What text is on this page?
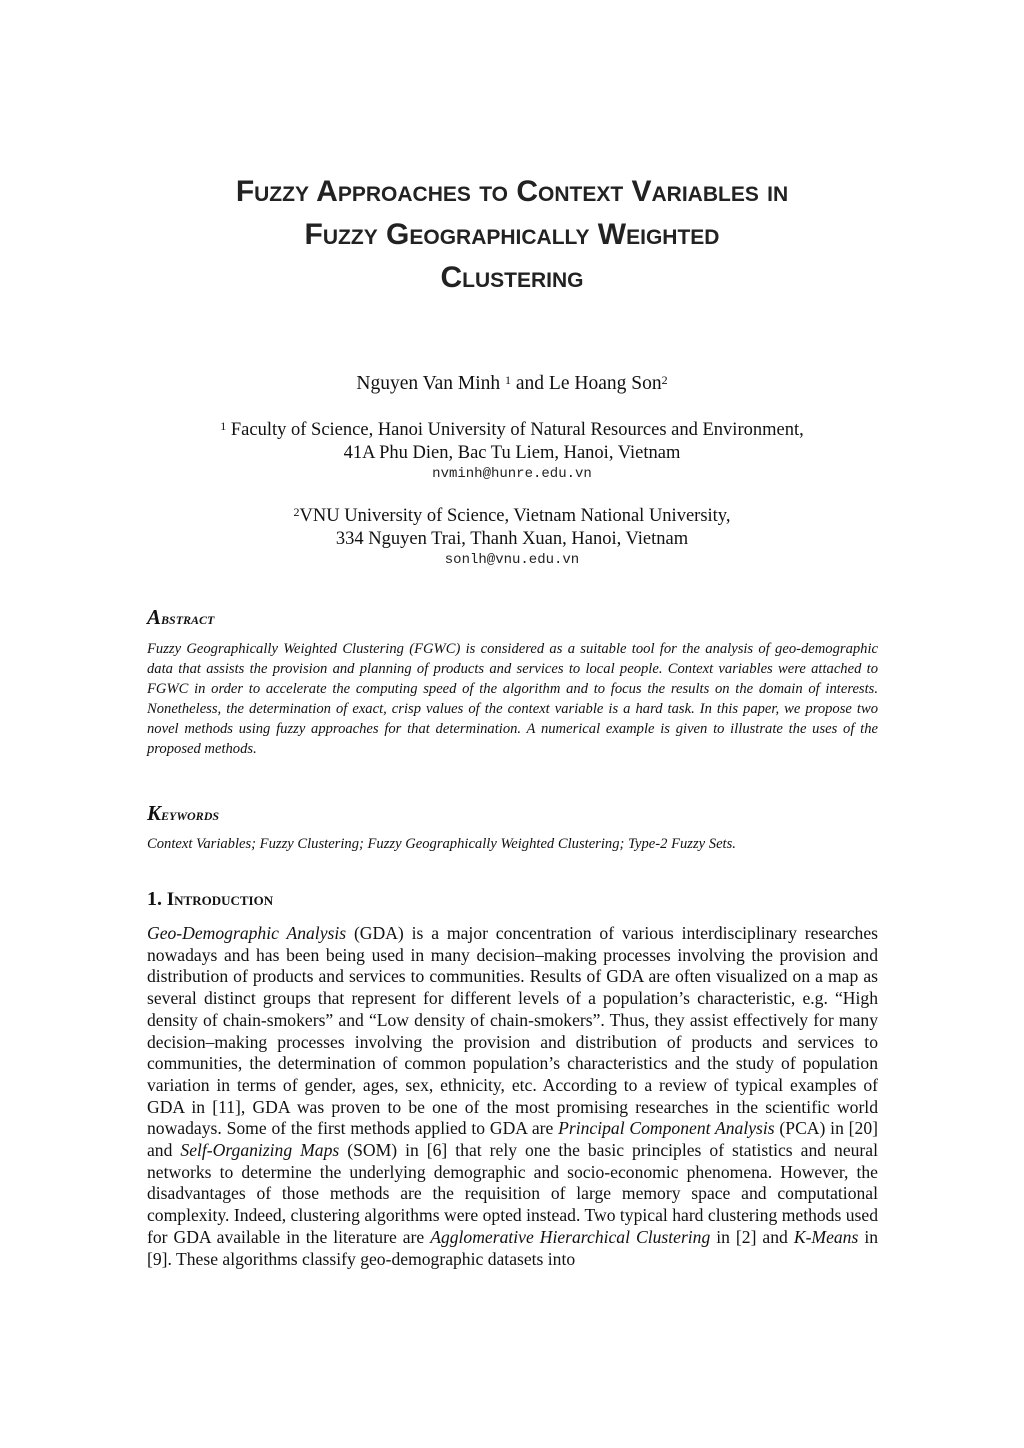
Fuzzy Approaches to Context Variables in
Fuzzy Geographically Weighted
Clustering
Nguyen Van Minh $^1$ and Le Hoang Son$^2$
$^1$ Faculty of Science, Hanoi University of Natural Resources and Environment,
41A Phu Dien, Bac Tu Liem, Hanoi, Vietnam
nvminh@hunre.edu.vn
$^2$VNU University of Science, Vietnam National University,
334 Nguyen Trai, Thanh Xuan, Hanoi, Vietnam
sonlh@vnu.edu.vn
Abstract
Fuzzy Geographically Weighted Clustering (FGWC) is considered as a suitable tool for the analysis of geo-demographic data that assists the provision and planning of products and services to local people. Context variables were attached to FGWC in order to accelerate the computing speed of the algorithm and to focus the results on the domain of interests. Nonetheless, the determination of exact, crisp values of the context variable is a hard task. In this paper, we propose two novel methods using fuzzy approaches for that determination. A numerical example is given to illustrate the uses of the proposed methods.
Keywords
Context Variables; Fuzzy Clustering; Fuzzy Geographically Weighted Clustering; Type-2 Fuzzy Sets.
1. Introduction
Geo-Demographic Analysis (GDA) is a major concentration of various interdisciplinary researches nowadays and has been being used in many decision–making processes involving the provision and distribution of products and services to communities. Results of GDA are often visualized on a map as several distinct groups that represent for different levels of a population’s characteristic, e.g. “High density of chain-smokers” and “Low density of chain-smokers”. Thus, they assist effectively for many decision–making processes involving the provision and distribution of products and services to communities, the determination of common population’s characteristics and the study of population variation in terms of gender, ages, sex, ethnicity, etc. According to a review of typical examples of GDA in [11], GDA was proven to be one of the most promising researches in the scientific world nowadays. Some of the first methods applied to GDA are Principal Component Analysis (PCA) in [20] and Self-Organizing Maps (SOM) in [6] that rely one the basic principles of statistics and neural networks to determine the underlying demographic and socio-economic phenomena. However, the disadvantages of those methods are the requisition of large memory space and computational complexity. Indeed, clustering algorithms were opted instead. Two typical hard clustering methods used for GDA available in the literature are Agglomerative Hierarchical Clustering in [2] and K-Means in [9]. These algorithms classify geo-demographic datasets into
